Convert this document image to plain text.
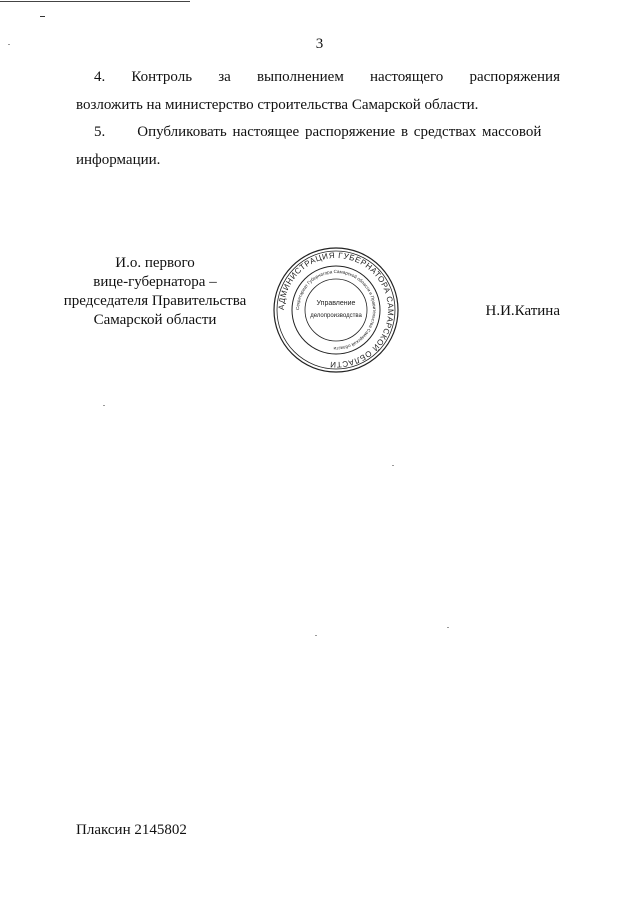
3
4. Контроль за выполнением настоящего распоряжения
возложить на министерство строительства Самарской области.
5. Опубликовать настоящее распоряжение в средствах массовой
информации.
И.о. первого
вице-губернатора –
председателя Правительства
Самарской области
Н.И.Катина
АДМИНИСТРАЦИЯ ГУБЕРНАТОРА САМАРСКОЙ ОБЛАСТИ
Секретариат Губернатора Самарской области и Правительства Самарской области
Управление
делопроизводства
Плаксин 2145802
